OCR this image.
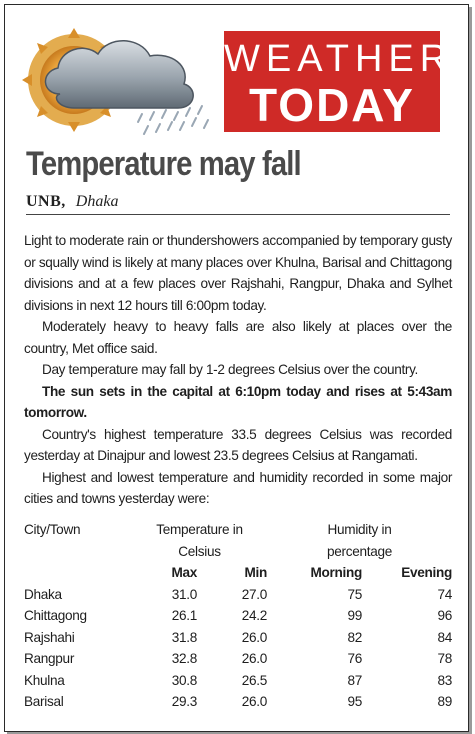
WEATHER
TODAY
Temperature may fall
UNB, Dhaka

Light to moderate rain or thundershowers accompanied by temporary gusty or squally wind is likely at many places over Khulna, Barisal and Chittagong divisions and at a few places over Rajshahi, Rangpur, Dhaka and Sylhet divisions in next 12 hours till 6:00pm today.

Moderately heavy to heavy falls are also likely at places over the country, Met office said.

Day temperature may fall by 1-2 degrees Celsius over the country.

The sun sets in the capital at 6:10pm today and rises at 5:43am tomorrow.

Country's highest temperature 33.5 degrees Celsius was recorded yesterday at Dinajpur and lowest 23.5 degrees Celsius at Rangamati.

Highest and lowest temperature and humidity recorded in some major cities and towns yesterday were:

City/Town	Temperature in		Humidity in	
	Celsius		percentage	
	Max	Min	Morning	Evening
Dhaka	31.0	27.0	75	74
Chittagong	26.1	24.2	99	96
Rajshahi	31.8	26.0	82	84
Rangpur	32.8	26.0	76	78
Khulna	30.8	26.5	87	83
Barisal	29.3	26.0	95	89
